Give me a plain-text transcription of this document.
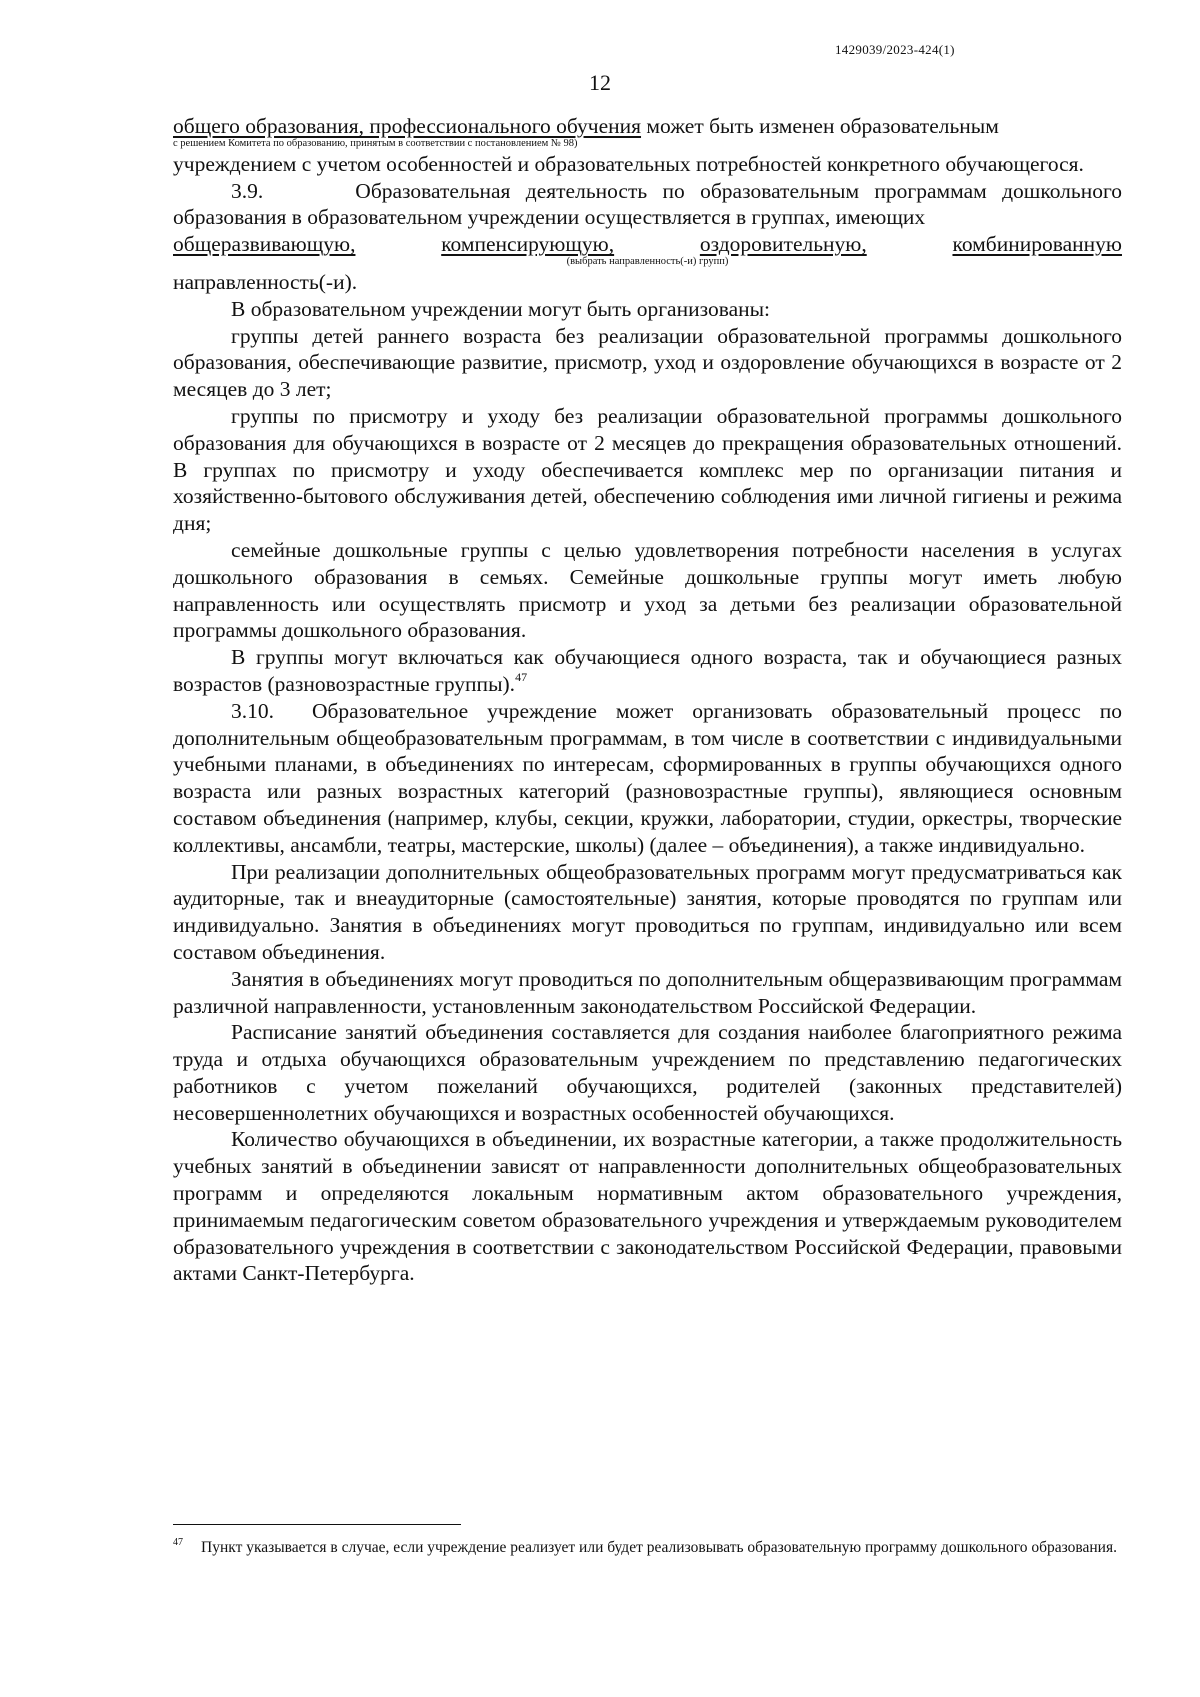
1429039/2023-424(1)
12

общего образования, профессионального обучения может быть изменен образовательным

с решением Комитета по образованию, принятым в соответствии с постановлением № 98)

учреждением с учетом особенностей и образовательных потребностей конкретного обучающегося.

3.9.      Образовательная деятельность по образовательным программам дошкольного образования в образовательном учреждении осуществляется в группах, имеющих

общеразвивающую,	компенсирующую,	оздоровительную,	комбинированную
(выбрать направленность(-и) групп)

направленность(-и).

В образовательном учреждении могут быть организованы:

группы детей раннего возраста без реализации образовательной программы дошкольного образования, обеспечивающие развитие, присмотр, уход и оздоровление обучающихся в возрасте от 2 месяцев до 3 лет;

группы по присмотру и уходу без реализации образовательной программы дошкольного образования для обучающихся в возрасте от 2 месяцев до прекращения образовательных отношений. В группах по присмотру и уходу обеспечивается комплекс мер по организации питания и хозяйственно-бытового обслуживания детей, обеспечению соблюдения ими личной гигиены и режима дня;

семейные дошкольные группы с целью удовлетворения потребности населения в услугах дошкольного образования в семьях. Семейные дошкольные группы могут иметь любую направленность или осуществлять присмотр и уход за детьми без реализации образовательной программы дошкольного образования.

В группы могут включаться как обучающиеся одного возраста, так и обучающиеся разных возрастов (разновозрастные группы).$^{47}$

3.10.  Образовательное учреждение может организовать образовательный процесс по дополнительным общеобразовательным программам, в том числе в соответствии с индивидуальными учебными планами, в объединениях по интересам, сформированных в группы обучающихся одного возраста или разных возрастных категорий (разновозрастные группы), являющиеся основным составом объединения (например, клубы, секции, кружки, лаборатории, студии, оркестры, творческие коллективы, ансамбли, театры, мастерские, школы) (далее – объединения), а также индивидуально.

При реализации дополнительных общеобразовательных программ могут предусматриваться как аудиторные, так и внеаудиторные (самостоятельные) занятия, которые проводятся по группам или индивидуально. Занятия в объединениях могут проводиться по группам, индивидуально или всем составом объединения.

Занятия в объединениях могут проводиться по дополнительным общеразвивающим программам различной направленности, установленным законодательством Российской Федерации.

Расписание занятий объединения составляется для создания наиболее благоприятного режима труда и отдыха обучающихся образовательным учреждением по представлению педагогических работников с учетом пожеланий обучающихся, родителей (законных представителей) несовершеннолетних обучающихся и возрастных особенностей обучающихся.

Количество обучающихся в объединении, их возрастные категории, а также продолжительность учебных занятий в объединении зависят от направленности дополнительных общеобразовательных программ и определяются локальным нормативным актом образовательного учреждения, принимаемым педагогическим советом образовательного учреждения и утверждаемым руководителем образовательного учреждения в соответствии с законодательством Российской Федерации, правовыми актами Санкт-Петербурга.

47 Пункт указывается в случае, если учреждение реализует или будет реализовывать образовательную программу дошкольного образования.
